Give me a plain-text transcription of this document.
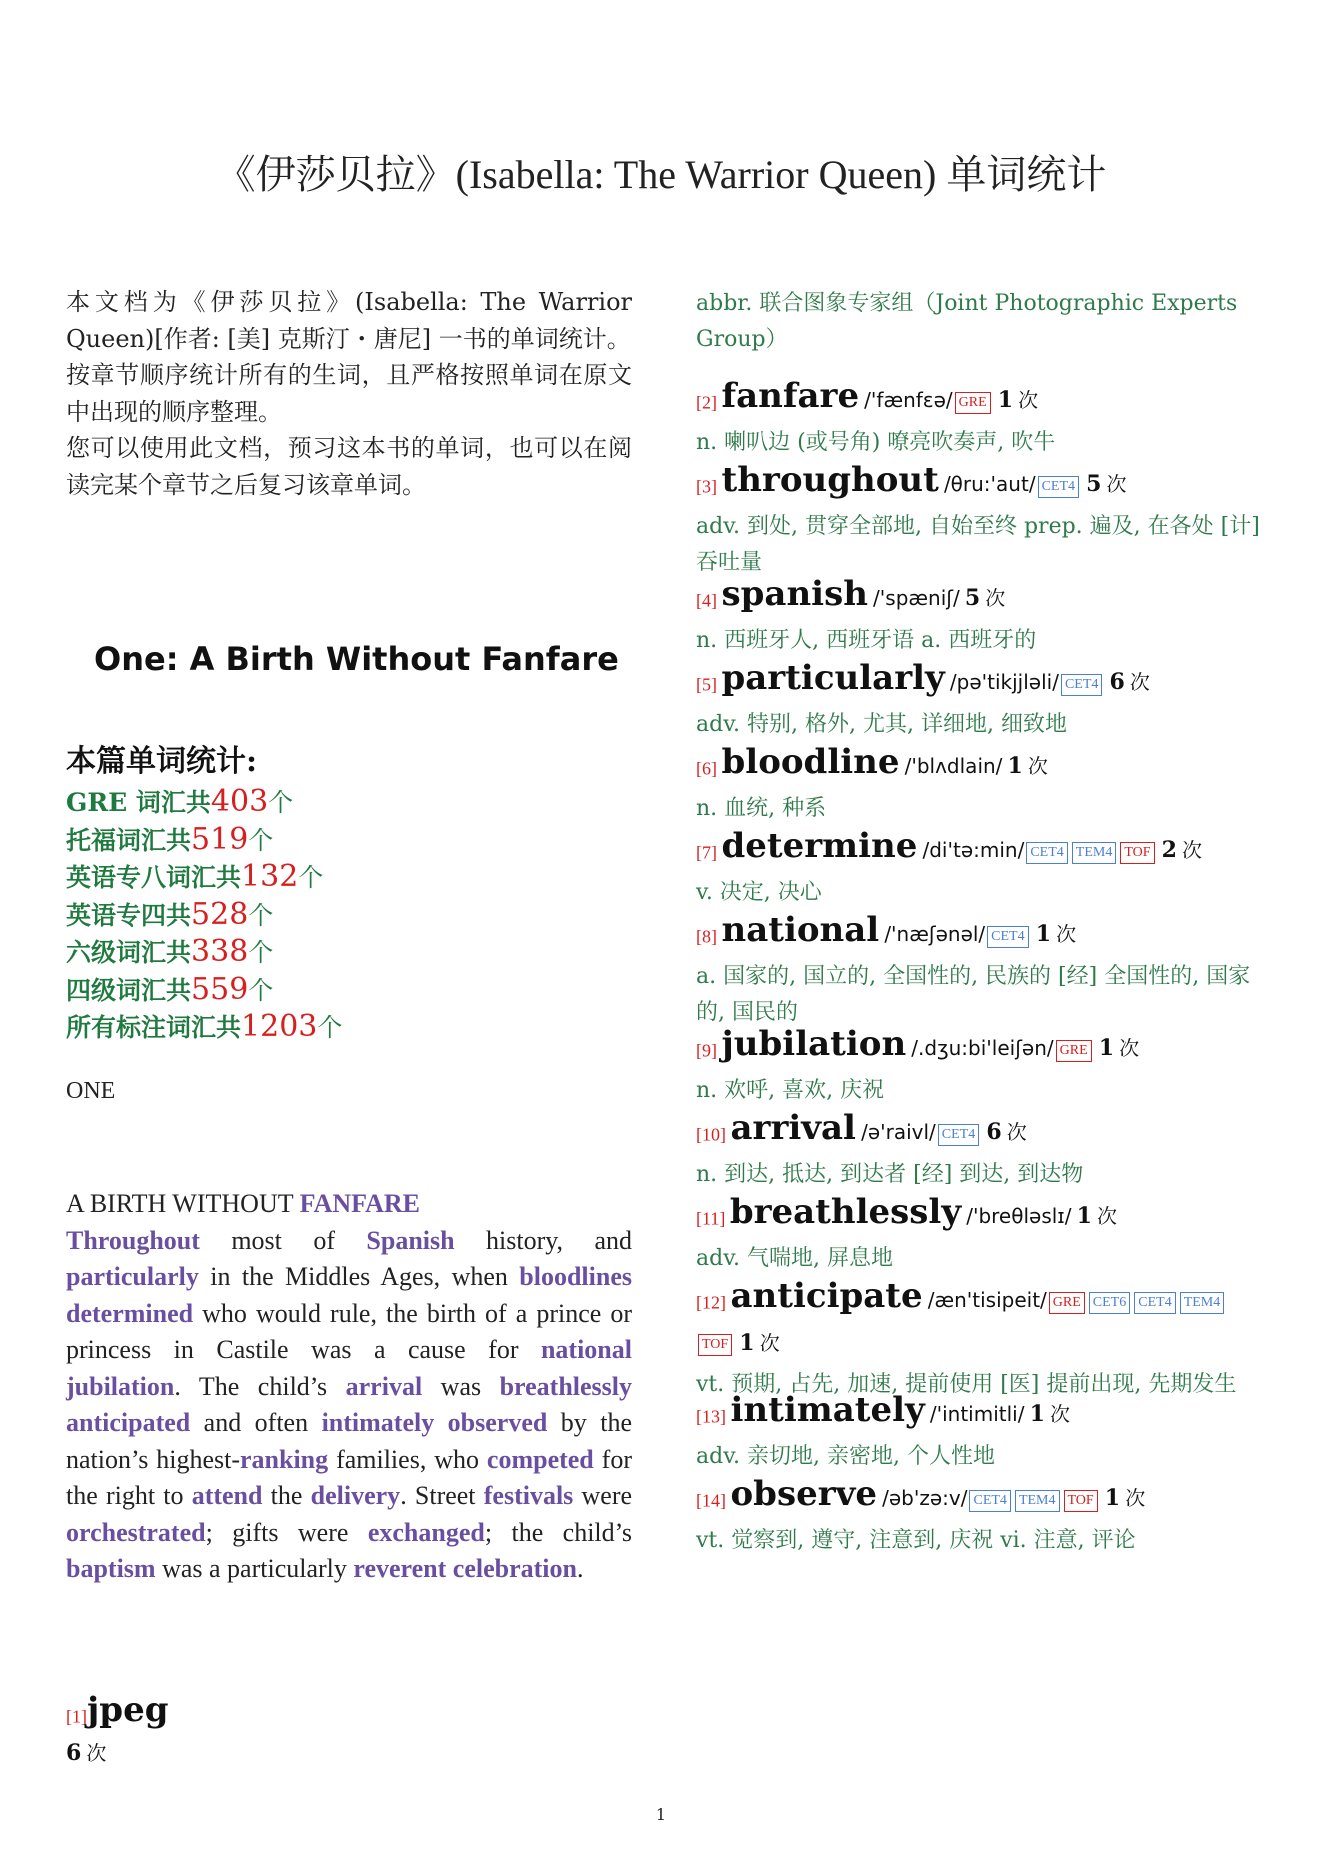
《伊莎贝拉》(Isabella: The Warrior Queen) 单词统计

本文档为《伊莎贝拉》(Isabella: The Warrior Queen)[作者: [美] 克斯汀・唐尼] 一书的单词统计。

按章节顺序统计所有的生词，且严格按照单词在原文中出现的顺序整理。

您可以使用此文档，预习这本书的单词，也可以在阅读完某个章节之后复习该章单词。

One: A Birth Without Fanfare
本篇单词统计:
GRE 词汇共403个
托福词汇共519个
英语专八词汇共132个
英语专四共528个
六级词汇共338个
四级词汇共559个
所有标注词汇共1203个
ONE

A BIRTH WITHOUT FANFARE

Throughout most of Spanish history, and particularly in the Middles Ages, when bloodlines determined who would rule, the birth of a prince or princess in Castile was a cause for national jubilation. The child’s arrival was breathlessly anticipated and often intimately observed by the nation’s highest-ranking families, who competed for the right to attend the delivery. Street festivals were orchestrated; gifts were exchanged; the child’s baptism was a particularly reverent celebration.

[1]jpeg
6 次
abbr. 联合图象专家组（Joint Photographic Experts Group）
[2] fanfare /'fænfɛə/ GRE 1 次
n. 喇叭边 (或号角) 嘹亮吹奏声, 吹牛
[3] throughout /θru:'aut/ CET4 5 次
adv. 到处, 贯穿全部地, 自始至终 prep. 遍及, 在各处 [计] 吞吐量
[4] spanish /'spæniʃ/ 5 次
n. 西班牙人, 西班牙语 a. 西班牙的
[5] particularly /pə'tikjjləli/ CET4 6 次
adv. 特别, 格外, 尤其, 详细地, 细致地
[6] bloodline /'blʌdlain/ 1 次
n. 血统, 种系
[7] determine /di'tə:min/ CET4 TEM4 TOF 2 次
v. 决定, 决心
[8] national /'næʃənəl/ CET4 1 次
a. 国家的, 国立的, 全国性的, 民族的 [经] 全国性的, 国家的, 国民的
[9] jubilation /.dʒu:bi'leiʃən/ GRE 1 次
n. 欢呼, 喜欢, 庆祝
[10] arrival /ə'raivl/ CET4 6 次
n. 到达, 抵达, 到达者 [经] 到达, 到达物
[11] breathlessly /'breθləslɪ/ 1 次
adv. 气喘地, 屏息地
[12] anticipate /æn'tisipeit/ GRE CET6 CET4 TEM4TOF 1 次
vt. 预期, 占先, 加速, 提前使用 [医] 提前出现, 先期发生
[13] intimately /'intimitli/ 1 次
adv. 亲切地, 亲密地, 个人性地
[14] observe /əb'zə:v/ CET4 TEM4 TOF 1 次
vt. 觉察到, 遵守, 注意到, 庆祝 vi. 注意, 评论
1
